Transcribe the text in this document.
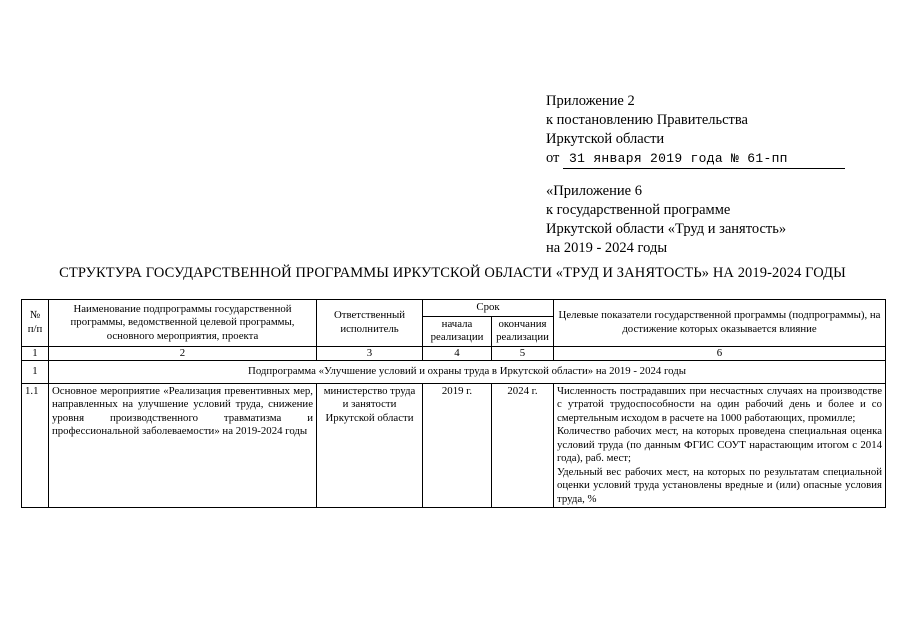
Приложение 2
к постановлению Правительства
Иркутской области
от 31 января 2019 года № 61-пп
«Приложение 6
к государственной программе
Иркутской области «Труд и занятость»
на 2019 - 2024 годы
СТРУКТУРА ГОСУДАРСТВЕННОЙ ПРОГРАММЫ ИРКУТСКОЙ ОБЛАСТИ «ТРУД И ЗАНЯТОСТЬ» НА 2019-2024 ГОДЫ
№ п/п	Наименование подпрограммы государственной программы, ведомственной целевой программы, основного мероприятия, проекта	Ответственный исполнитель	Срок		Целевые показатели государственной программы (подпрограммы), на достижение которых оказывается влияние
			начала реализации	окончания реализации	
1	2	3	4	5	6
1	Подпрограмма «Улучшение условий и охраны труда в Иркутской области» на 2019 - 2024 годы				
1.1	Основное мероприятие «Реализация превентивных мер, направленных на улучшение условий труда, снижение уровня производственного травматизма и профессиональной заболеваемости» на 2019-2024 годы	министерство труда и занятости Иркутской области	2019 г.	2024 г.	Численность пострадавших при несчастных случаях на производстве с утратой трудоспособности на один рабочий день и более и со смертельным исходом в расчете на 1000 работающих, промилле;
Количество рабочих мест, на которых проведена специальная оценка условий труда (по данным ФГИС СОУТ нарастающим итогом с 2014 года), раб. мест;
Удельный вес рабочих мест, на которых по результатам специальной оценки условий труда установлены вредные и (или) опасные условия труда, %
